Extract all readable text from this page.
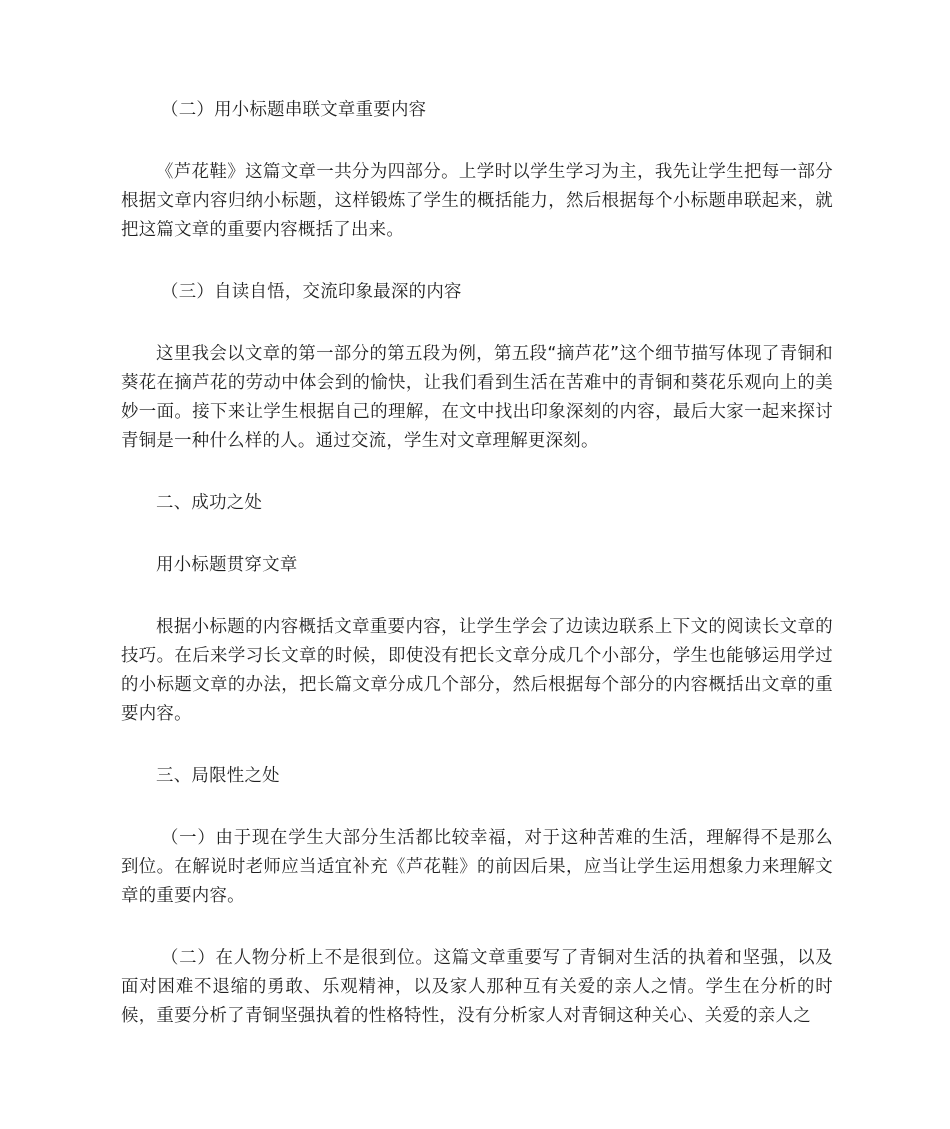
（二）用小标题串联文章重要内容

《芦花鞋》这篇文章一共分为四部分。上学时以学生学习为主，我先让学生把每一部分根据文章内容归纳小标题，这样锻炼了学生的概括能力，然后根据每个小标题串联起来，就把这篇文章的重要内容概括了出来。

（三）自读自悟，交流印象最深的内容

这里我会以文章的第一部分的第五段为例，第五段“摘芦花”这个细节描写体现了青铜和葵花在摘芦花的劳动中体会到的愉快，让我们看到生活在苦难中的青铜和葵花乐观向上的美妙一面。接下来让学生根据自己的理解，在文中找出印象深刻的内容，最后大家一起来探讨青铜是一种什么样的人。通过交流，学生对文章理解更深刻。

二、成功之处

用小标题贯穿文章

根据小标题的内容概括文章重要内容，让学生学会了边读边联系上下文的阅读长文章的技巧。在后来学习长文章的时候，即使没有把长文章分成几个小部分，学生也能够运用学过的小标题文章的办法，把长篇文章分成几个部分，然后根据每个部分的内容概括出文章的重要内容。

三、局限性之处

（一）由于现在学生大部分生活都比较幸福，对于这种苦难的生活，理解得不是那么到位。在解说时老师应当适宜补充《芦花鞋》的前因后果，应当让学生运用想象力来理解文章的重要内容。

（二）在人物分析上不是很到位。这篇文章重要写了青铜对生活的执着和坚强，以及面对困难不退缩的勇敢、乐观精神，以及家人那种互有关爱的亲人之情。学生在分析的时候，重要分析了青铜坚强执着的性格特性，没有分析家人对青铜这种关心、关爱的亲人之
